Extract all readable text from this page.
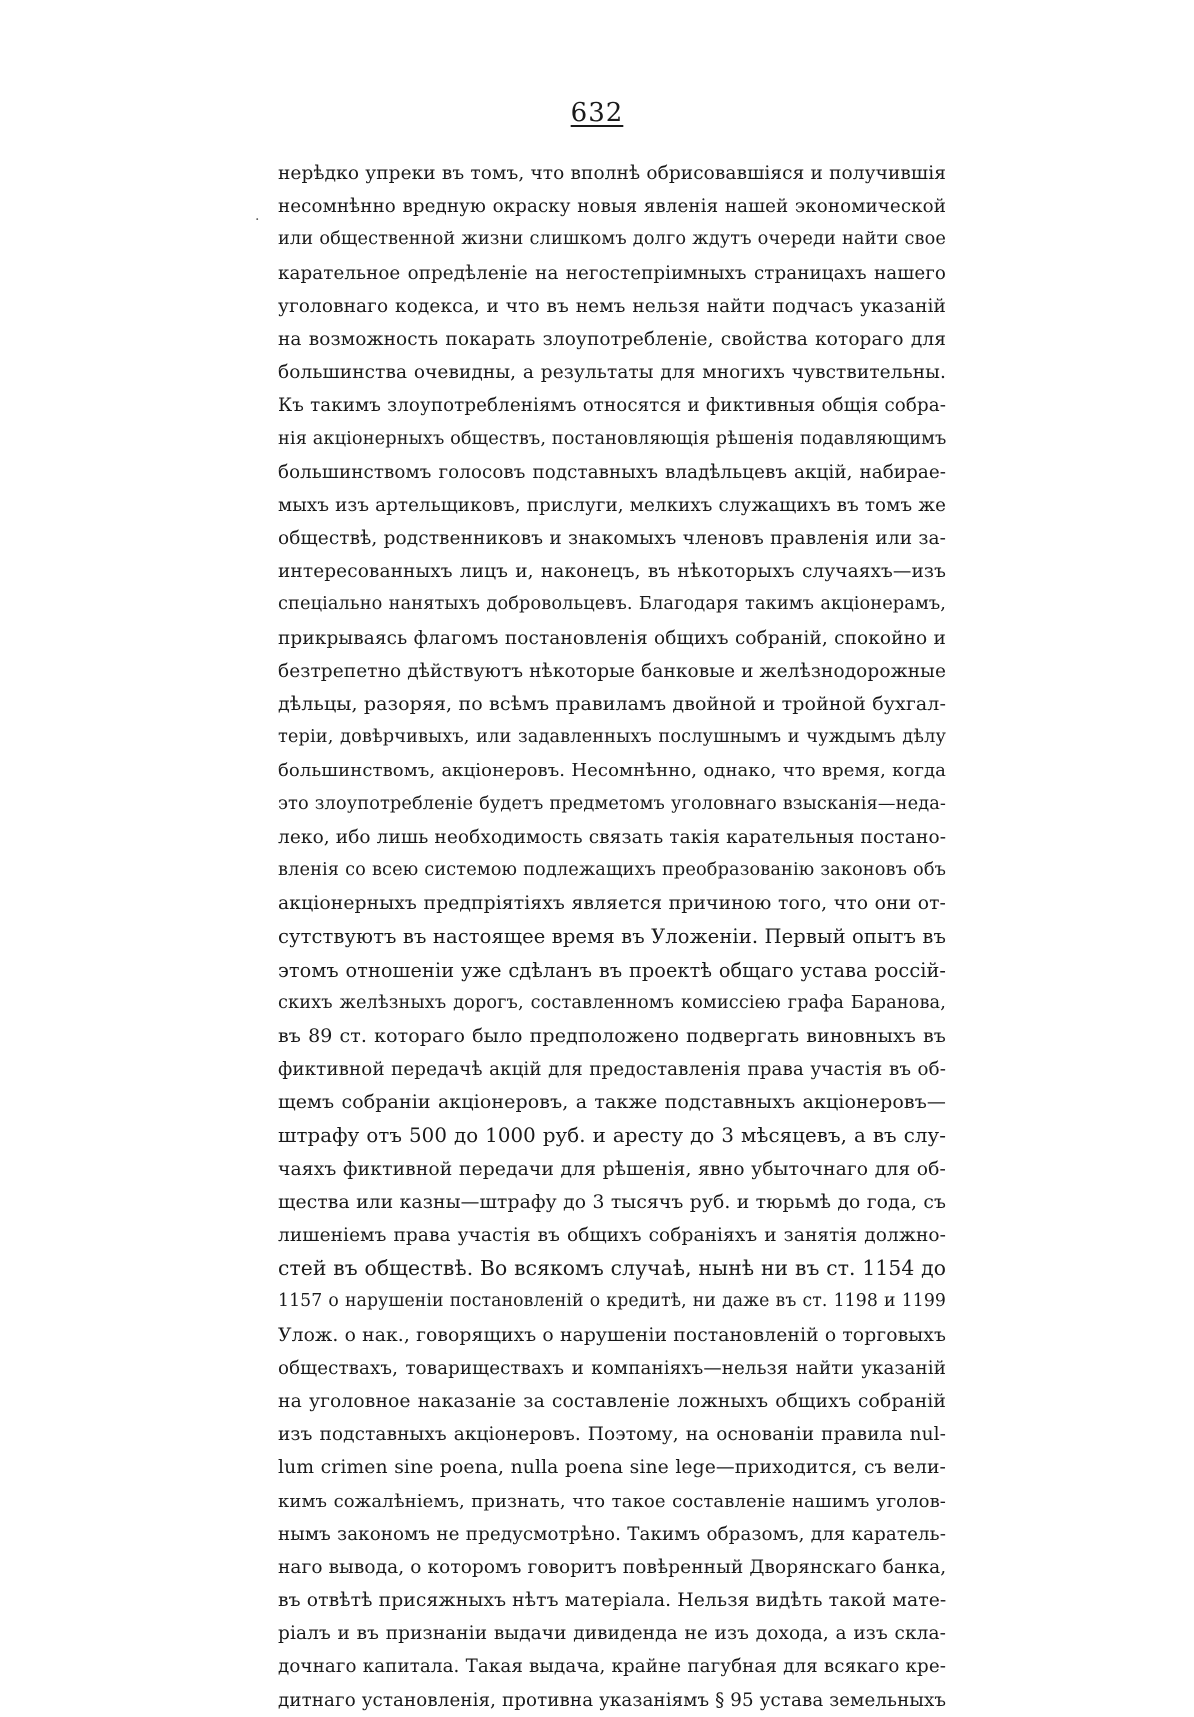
632
·
нерѣдко упреки въ томъ, что вполнѣ обрисовавшіяся и получившія
несомнѣнно вредную окраску новыя явленія нашей экономической
или общественной жизни слишкомъ долго ждутъ очереди найти свое
карательное опредѣленіе на негостепріимныхъ страницахъ нашего
уголовнаго кодекса, и что въ немъ нельзя найти подчасъ указаній
на возможность покарать злоупотребленіе, свойства котораго для
большинства очевидны, а результаты для многихъ чувствительны.
Къ такимъ злоупотребленіямъ относятся и фиктивныя общія собра-
нія акціонерныхъ обществъ, постановляющія рѣшенія подавляющимъ
большинствомъ голосовъ подставныхъ владѣльцевъ акцій, набирае-
мыхъ изъ артельщиковъ, прислуги, мелкихъ служащихъ въ томъ же
обществѣ, родственниковъ и знакомыхъ членовъ правленія или за-
интересованныхъ лицъ и, наконецъ, въ нѣкоторыхъ случаяхъ—изъ
спеціально нанятыхъ добровольцевъ. Благодаря такимъ акціонерамъ,
прикрываясь флагомъ постановленія общихъ собраній, спокойно и
безтрепетно дѣйствуютъ нѣкоторые банковые и желѣзнодорожные
дѣльцы, разоряя, по всѣмъ правиламъ двойной и тройной бухгал-
теріи, довѣрчивыхъ, или задавленныхъ послушнымъ и чуждымъ дѣлу
большинствомъ, акціонеровъ. Несомнѣнно, однако, что время, когда
это злоупотребленіе будетъ предметомъ уголовнаго взысканія—неда-
леко, ибо лишь необходимость связать такія карательныя постано-
вленія со всею системою подлежащихъ преобразованію законовъ объ
акціонерныхъ предпріятіяхъ является причиною того, что они от-
сутствуютъ въ настоящее время въ Уложеніи. Первый опытъ въ
этомъ отношеніи уже сдѣланъ въ проектѣ общаго устава россій-
скихъ желѣзныхъ дорогъ, составленномъ комиссіею графа Баранова,
въ 89 ст. котораго было предположено подвергать виновныхъ въ
фиктивной передачѣ акцій для предоставленія права участія въ об-
щемъ собраніи акціонеровъ, а также подставныхъ акціонеровъ—
штрафу отъ 500 до 1000 руб. и аресту до 3 мѣсяцевъ, а въ слу-
чаяхъ фиктивной передачи для рѣшенія, явно убыточнаго для об-
щества или казны—штрафу до 3 тысячъ руб. и тюрьмѣ до года, съ
лишеніемъ права участія въ общихъ собраніяхъ и занятія должно-
стей въ обществѣ. Во всякомъ случаѣ, нынѣ ни въ ст. 1154 до
1157 о нарушеніи постановленій о кредитѣ, ни даже въ ст. 1198 и 1199
Улож. о нак., говорящихъ о нарушеніи постановленій о торговыхъ
обществахъ, товариществахъ и компаніяхъ—нельзя найти указаній
на уголовное наказаніе за составленіе ложныхъ общихъ собраній
изъ подставныхъ акціонеровъ. Поэтому, на основаніи правила nul-
lum crimen sine poena, nulla poena sine lege—приходится, съ вели-
кимъ сожалѣніемъ, признать, что такое составленіе нашимъ уголов-
нымъ закономъ не предусмотрѣно. Такимъ образомъ, для каратель-
наго вывода, о которомъ говоритъ повѣренный Дворянскаго банка,
въ отвѣтѣ присяжныхъ нѣтъ матеріала. Нельзя видѣть такой мате-
ріалъ и въ признаніи выдачи дивиденда не изъ дохода, а изъ скла-
дочнаго капитала. Такая выдача, крайне пагубная для всякаго кре-
дитнаго установленія, противна указаніямъ § 95 устава земельныхъ
